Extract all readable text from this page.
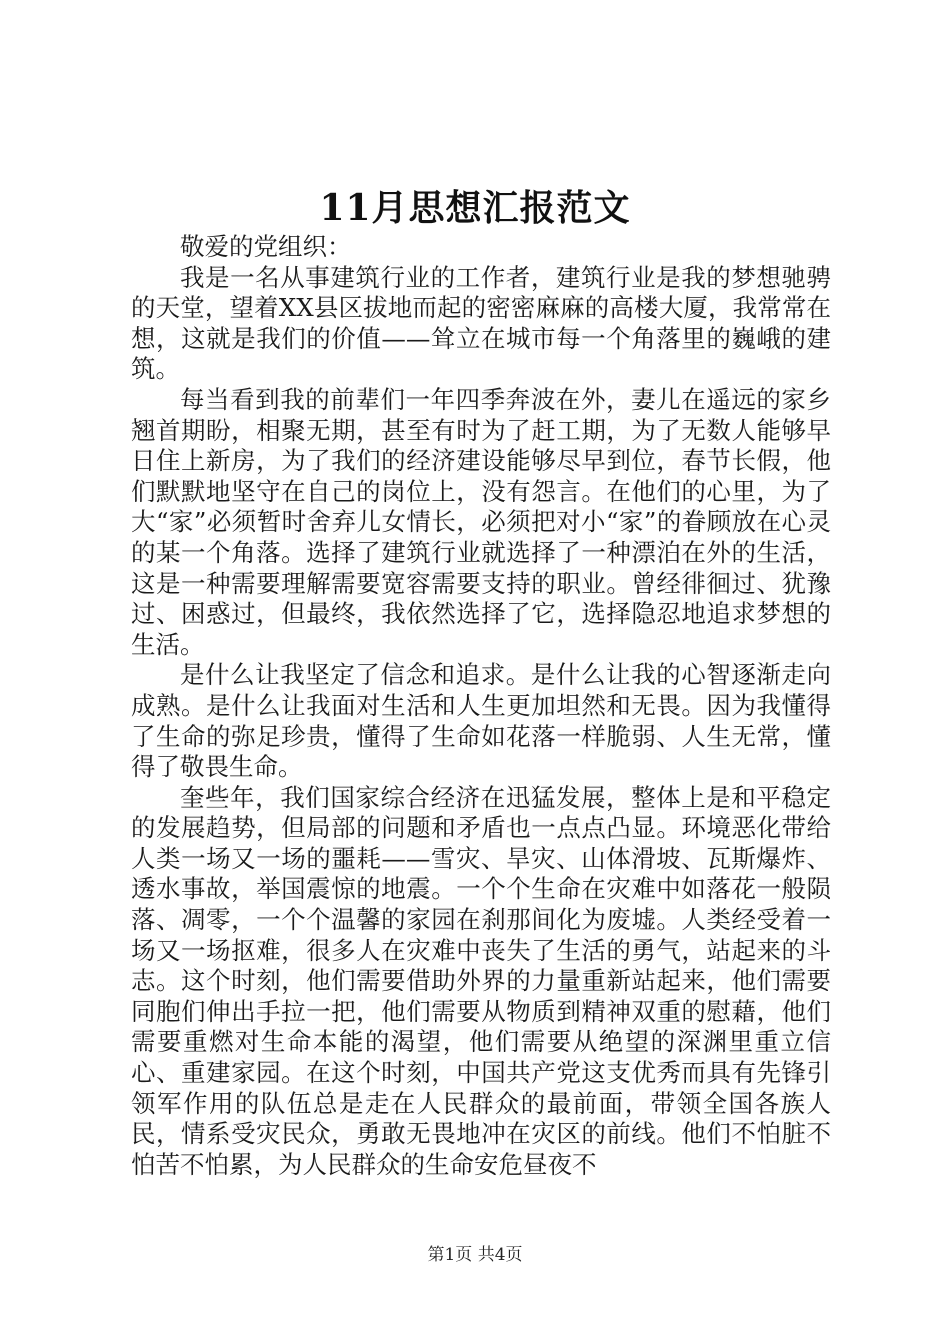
11月思想汇报范文

敬爱的党组织：

我是一名从事建筑行业的工作者，建筑行业是我的梦想驰骋的天堂，望着XX县区拔地而起的密密麻麻的高楼大厦，我常常在想，这就是我们的价值——耸立在城市每一个角落里的巍峨的建筑。

每当看到我的前辈们一年四季奔波在外，妻儿在遥远的家乡翘首期盼，相聚无期，甚至有时为了赶工期，为了无数人能够早日住上新房，为了我们的经济建设能够尽早到位，春节长假，他们默默地坚守在自己的岗位上，没有怨言。在他们的心里，为了大“家”必须暂时舍弃儿女情长，必须把对小“家”的眷顾放在心灵的某一个角落。选择了建筑行业就选择了一种漂泊在外的生活，这是一种需要理解需要宽容需要支持的职业。曾经徘徊过、犹豫过、困惑过，但最终，我依然选择了它，选择隐忍地追求梦想的生活。

是什么让我坚定了信念和追求。是什么让我的心智逐渐走向成熟。是什么让我面对生活和人生更加坦然和无畏。因为我懂得了生命的弥足珍贵，懂得了生命如花落一样脆弱、人生无常，懂得了敬畏生命。

奎些年，我们国家综合经济在迅猛发展，整体上是和平稳定的发展趋势，但局部的问题和矛盾也一点点凸显。环境恶化带给人类一场又一场的噩耗——雪灾、旱灾、山体滑坡、瓦斯爆炸、透水事故，举国震惊的地震。一个个生命在灾难中如落花一般陨落、凋零，一个个温馨的家园在刹那间化为废墟。人类经受着一场又一场抠难，很多人在灾难中丧失了生活的勇气，站起来的斗志。这个时刻，他们需要借助外界的力量重新站起来，他们需要同胞们伸出手拉一把，他们需要从物质到精神双重的慰藉，他们需要重燃对生命本能的渴望，他们需要从绝望的深渊里重立信心、重建家园。在这个时刻，中国共产党这支优秀而具有先锋引领军作用的队伍总是走在人民群众的最前面，带领全国各族人民，情系受灾民众，勇敢无畏地冲在灾区的前线。他们不怕脏不怕苦不怕累，为人民群众的生命安危昼夜不

第1页 共4页
